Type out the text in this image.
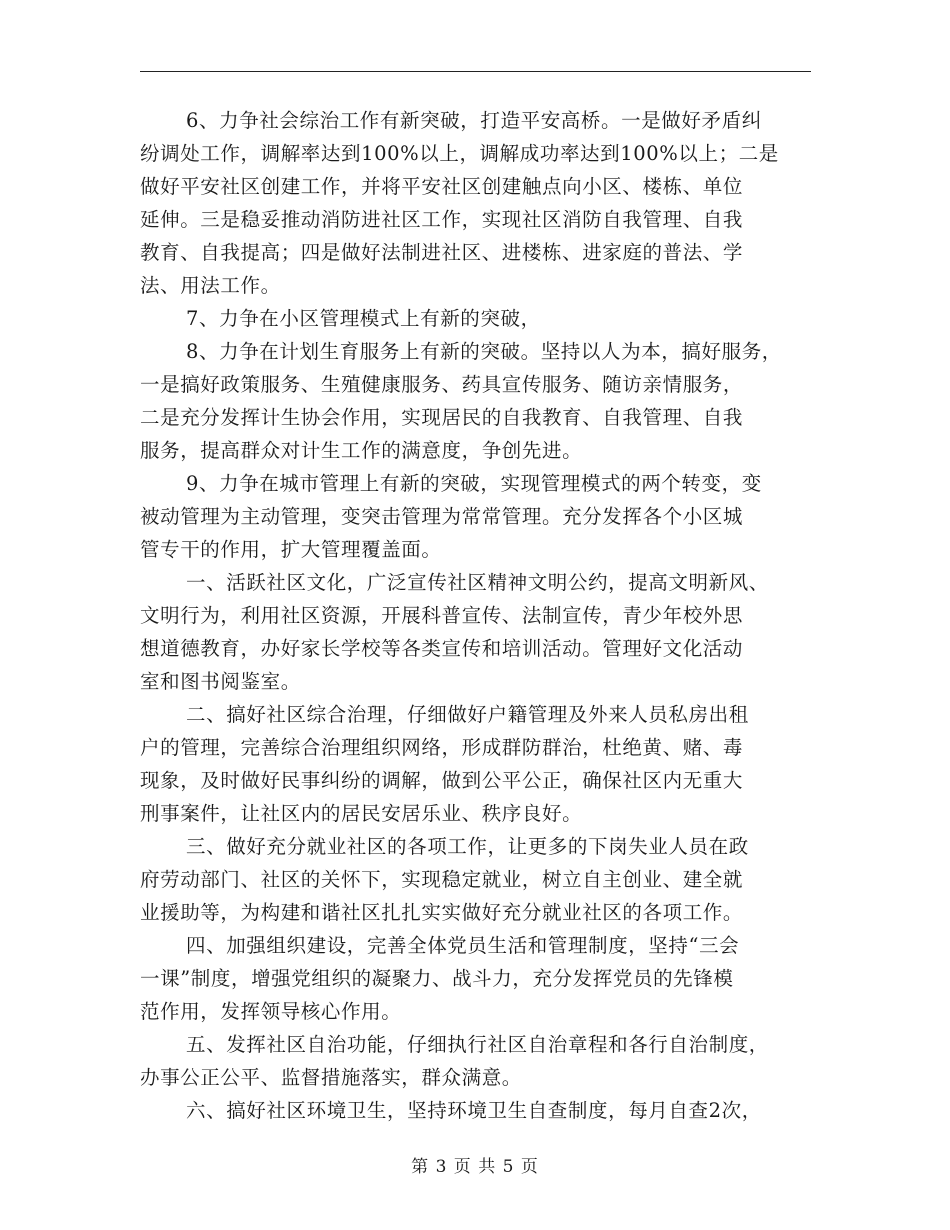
6、力争社会综治工作有新突破，打造平安高桥。一是做好矛盾纠
纷调处工作，调解率达到100%以上，调解成功率达到100%以上；二是
做好平安社区创建工作，并将平安社区创建触点向小区、楼栋、单位
延伸。三是稳妥推动消防进社区工作，实现社区消防自我管理、自我
教育、自我提高；四是做好法制进社区、进楼栋、进家庭的普法、学
法、用法工作。
7、力争在小区管理模式上有新的突破，
8、力争在计划生育服务上有新的突破。坚持以人为本，搞好服务，
一是搞好政策服务、生殖健康服务、药具宣传服务、随访亲情服务，
二是充分发挥计生协会作用，实现居民的自我教育、自我管理、自我
服务，提高群众对计生工作的满意度，争创先进。
9、力争在城市管理上有新的突破，实现管理模式的两个转变，变
被动管理为主动管理，变突击管理为常常管理。充分发挥各个小区城
管专干的作用，扩大管理覆盖面。
一、活跃社区文化，广泛宣传社区精神文明公约，提高文明新风、
文明行为，利用社区资源，开展科普宣传、法制宣传，青少年校外思
想道德教育，办好家长学校等各类宣传和培训活动。管理好文化活动
室和图书阅鉴室。
二、搞好社区综合治理，仔细做好户籍管理及外来人员私房出租
户的管理，完善综合治理组织网络，形成群防群治，杜绝黄、赌、毒
现象，及时做好民事纠纷的调解，做到公平公正，确保社区内无重大
刑事案件，让社区内的居民安居乐业、秩序良好。
三、做好充分就业社区的各项工作，让更多的下岗失业人员在政
府劳动部门、社区的关怀下，实现稳定就业，树立自主创业、建全就
业援助等，为构建和谐社区扎扎实实做好充分就业社区的各项工作。
四、加强组织建设，完善全体党员生活和管理制度，坚持“三会
一课”制度，增强党组织的凝聚力、战斗力，充分发挥党员的先锋模
范作用，发挥领导核心作用。
五、发挥社区自治功能，仔细执行社区自治章程和各行自治制度，
办事公正公平、监督措施落实，群众满意。
六、搞好社区环境卫生，坚持环境卫生自查制度，每月自查2次，
第 3 页 共 5 页
